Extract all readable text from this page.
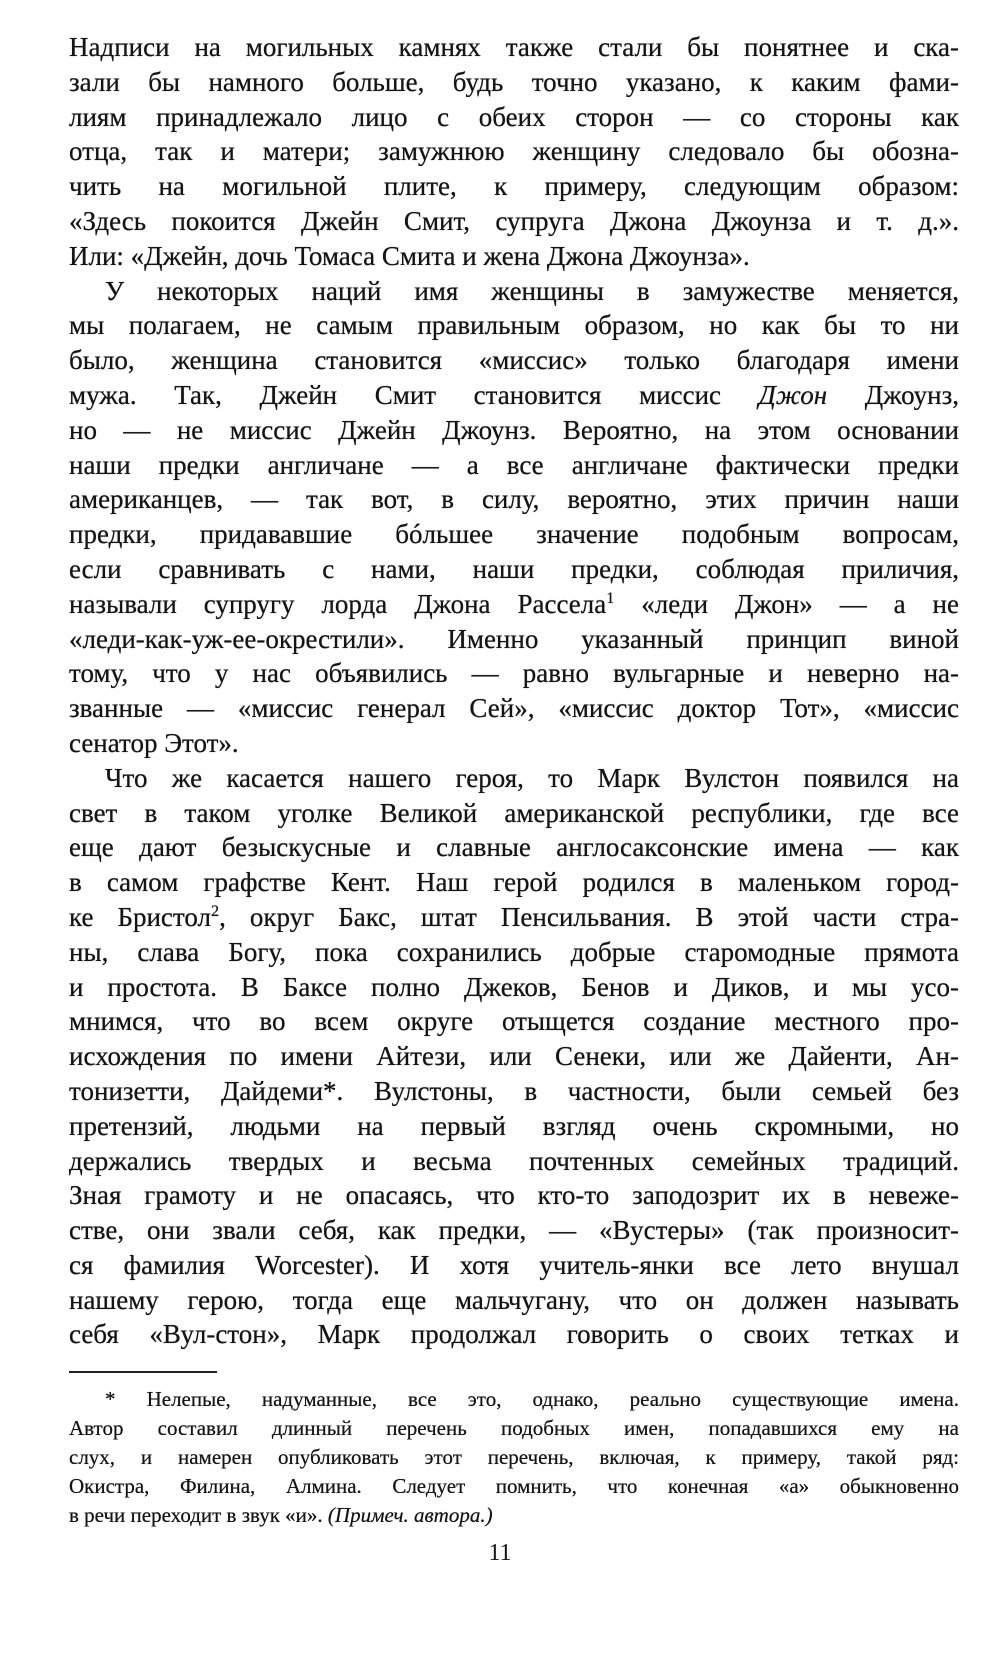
Надписи на могильных камнях также стали бы понятнее и ска-
зали бы намного больше, будь точно указано, к каким фами-
лиям принадлежало лицо с обеих сторон — со стороны как
отца, так и матери; замужнюю женщину следовало бы обозна-
чить на могильной плите, к примеру, следующим образом:
«Здесь покоится Джейн Смит, супруга Джона Джоунза и т. д.».
Или: «Джейн, дочь Томаса Смита и жена Джона Джоунза».
У некоторых наций имя женщины в замужестве меняется,
мы полагаем, не самым правильным образом, но как бы то ни
было, женщина становится «миссис» только благодаря имени
мужа. Так, Джейн Смит становится миссис Джон Джоунз,
но — не миссис Джейн Джоунз. Вероятно, на этом основании
наши предки англичане — а все англичане фактически предки
американцев, — так вот, в силу, вероятно, этих причин наши
предки, придававшие бóльшее значение подобным вопросам,
если сравнивать с нами, наши предки, соблюдая приличия,
называли супругу лорда Джона Рассела$^1$ «леди Джон» — а не
«леди-как-уж-ее-окрестили». Именно указанный принцип виной
тому, что у нас объявились — равно вульгарные и неверно на-
званные — «миссис генерал Сей», «миссис доктор Тот», «миссис
сенатор Этот».
Что же касается нашего героя, то Марк Вулстон появился на
свет в таком уголке Великой американской республики, где все
еще дают безыскусные и славные англосаксонские имена — как
в самом графстве Кент. Наш герой родился в маленьком город-
ке Бристол$^2$, округ Бакс, штат Пенсильвания. В этой части стра-
ны, слава Богу, пока сохранились добрые старомодные прямота
и простота. В Баксе полно Джеков, Бенов и Диков, и мы усо-
мнимся, что во всем округе отыщется создание местного про-
исхождения по имени Айтези, или Сенеки, или же Дайенти, Ан-
тонизетти, Дайдеми*. Вулстоны, в частности, были семьей без
претензий, людьми на первый взгляд очень скромными, но
держались твердых и весьма почтенных семейных традиций.
Зная грамоту и не опасаясь, что кто-то заподозрит их в невеже-
стве, они звали себя, как предки, — «Вустеры» (так произносит-
ся фамилия Worcester). И хотя учитель-янки все лето внушал
нашему герою, тогда еще мальчугану, что он должен называть
себя «Вул-стон», Марк продолжал говорить о своих тетках и
* Нелепые, надуманные, все это, однако, реально существующие имена.
Автор составил длинный перечень подобных имен, попадавшихся ему на
слух, и намерен опубликовать этот перечень, включая, к примеру, такой ряд:
Окистра, Филина, Алмина. Следует помнить, что конечная «а» обыкновенно
в речи переходит в звук «и». (Примеч. автора.)
11
